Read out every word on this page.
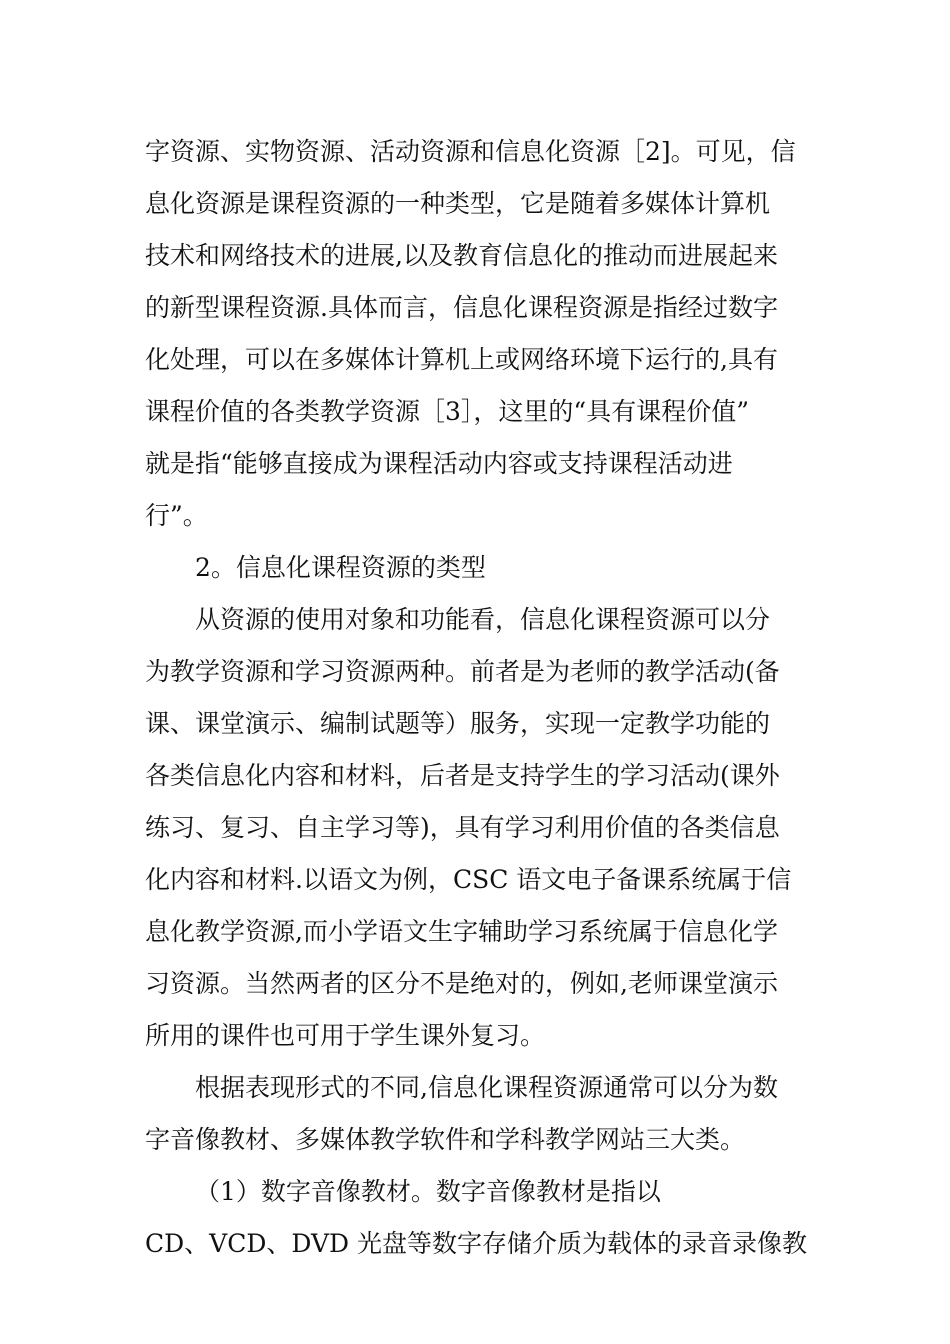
字资源、实物资源、活动资源和信息化资源［2]。可见，信
息化资源是课程资源的一种类型，它是随着多媒体计算机
技术和网络技术的进展,以及教育信息化的推动而进展起来
的新型课程资源.具体而言，信息化课程资源是指经过数字
化处理，可以在多媒体计算机上或网络环境下运行的,具有
课程价值的各类教学资源［3］，这里的“具有课程价值”
就是指“能够直接成为课程活动内容或支持课程活动进
行”。
2。信息化课程资源的类型
从资源的使用对象和功能看，信息化课程资源可以分
为教学资源和学习资源两种。前者是为老师的教学活动(备
课、课堂演示、编制试题等）服务，实现一定教学功能的
各类信息化内容和材料，后者是支持学生的学习活动(课外
练习、复习、自主学习等)，具有学习利用价值的各类信息
化内容和材料.以语文为例，CSC 语文电子备课系统属于信
息化教学资源,而小学语文生字辅助学习系统属于信息化学
习资源。当然两者的区分不是绝对的，例如,老师课堂演示
所用的课件也可用于学生课外复习。
根据表现形式的不同,信息化课程资源通常可以分为数
字音像教材、多媒体教学软件和学科教学网站三大类。
（1）数字音像教材。数字音像教材是指以
CD、VCD、DVD 光盘等数字存储介质为载体的录音录像教
